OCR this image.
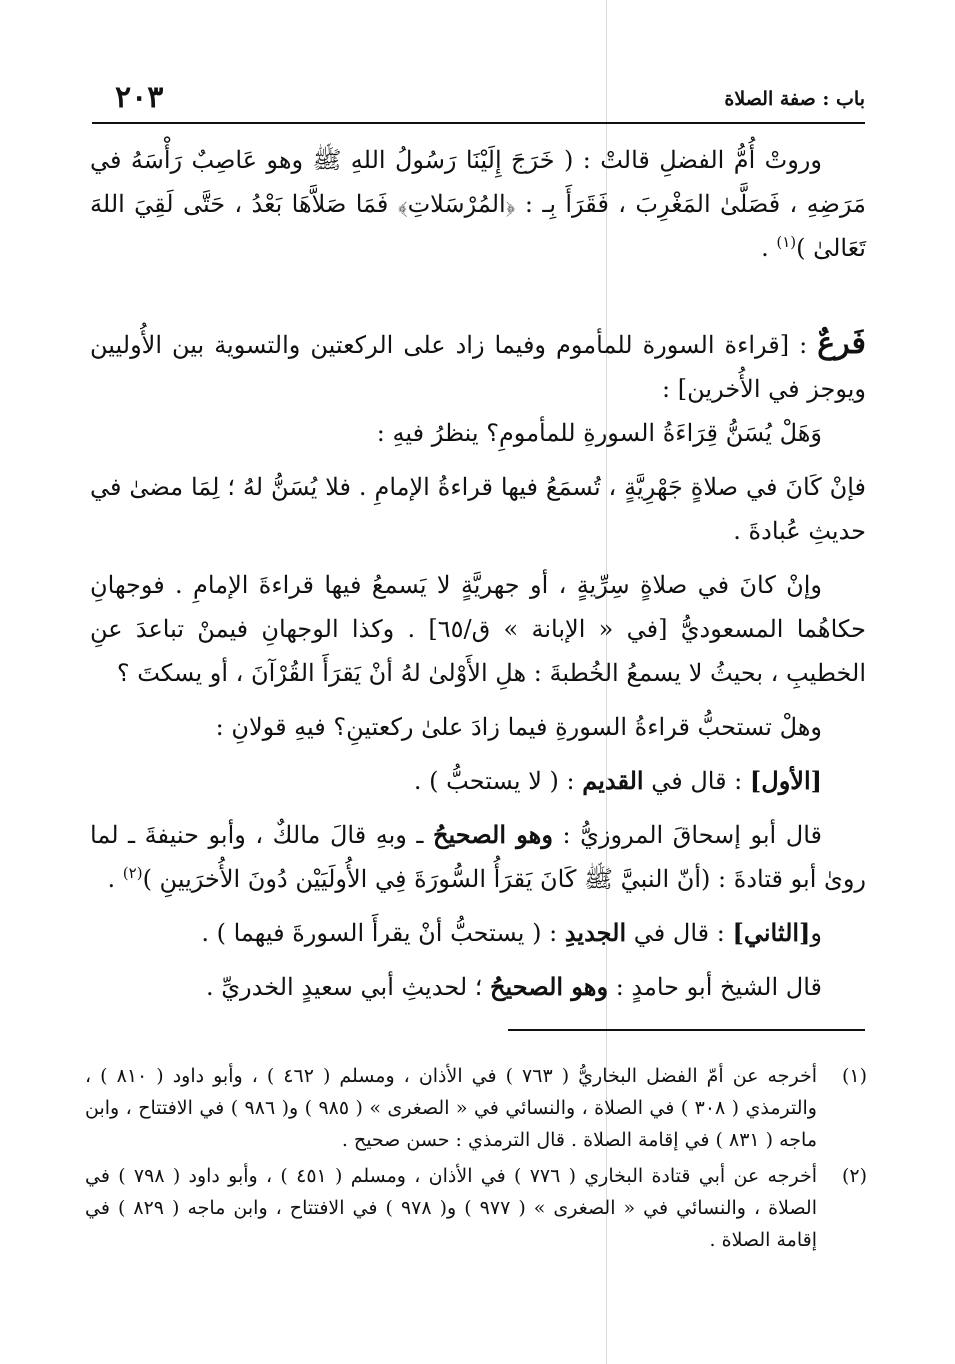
باب : صفة الصلاة
٢٠٣

وروتْ أُمُّ الفضلِ قالتْ : ( خَرَجَ إِلَيْنَا رَسُولُ اللهِ ﷺ وهو عَاصِبٌ رَأْسَهُ في مَرَضِهِ ، فَصَلَّىٰ المَغْرِبَ ، فَقَرَأَ بِـ : ﴿المُرْسَلاتِ﴾ فَمَا صَلاَّهَا بَعْدُ ، حَتَّى لَقِيَ اللهَ تَعَالىٰ )$^{(١)}$ .

فَرعٌ : [قراءة السورة للمأموم وفيما زاد على الركعتين والتسوية بين الأُوليين ويوجز في الأُخرين] :

وَهَلْ يُسَنُّ قِرَاءَةُ السورةِ للمأمومِ؟ ينظرُ فيهِ :

فإنْ كَانَ في صلاةٍ جَهْرِيَّةٍ ، تُسمَعُ فيها قراءةُ الإمامِ . فلا يُسَنُّ لهُ ؛ لِمَا مضىٰ في حديثِ عُبادةَ .

وإنْ كانَ في صلاةٍ سِرِّيةٍ ، أو جهريَّةٍ لا يَسمعُ فيها قراءةَ الإمامِ . فوجهانِ حكاهُما المسعوديُّ [في « الإبانة » ق/٦٥] . وكذا الوجهانِ فيمنْ تباعدَ عنِ الخطيبِ ، بحيثُ لا يسمعُ الخُطبةَ : هلِ الأَوْلىٰ لهُ أنْ يَقرَأَ القُرْآنَ ، أو يسكتَ ؟

وهلْ تستحبُّ قراءةُ السورةِ فيما زادَ علىٰ ركعتينِ؟ فيهِ قولانِ :

[الأول] : قال في القديم : ( لا يستحبُّ ) .

قال أبو إسحاقَ المروزيُّ : وهو الصحيحُ ـ وبهِ قالَ مالكٌ ، وأبو حنيفةَ ـ لما روىٰ أبو قتادةَ : (أنّ النبيَّ ﷺ كَانَ يَقرَأُ السُّورَةَ فِي الأُولَيَيْن دُونَ الأُخرَيينِ )$^{(٢)}$ .

و[الثاني] : قال في الجديدِ : ( يستحبُّ أنْ يقرأَ السورةَ فيهما ) .

قال الشيخ أبو حامدٍ : وهو الصحيحُ ؛ لحديثِ أبي سعيدٍ الخدريِّ .

(١)
أخرجه عن أمّ الفضل البخاريُّ ( ٧٦٣ ) في الأذان ، ومسلم ( ٤٦٢ ) ، وأبو داود ( ٨١٠ ) ، والترمذي ( ٣٠٨ ) في الصلاة ، والنسائي في « الصغرى » ( ٩٨٥ ) و( ٩٨٦ ) في الافتتاح ، وابن ماجه ( ٨٣١ ) في إقامة الصلاة . قال الترمذي : حسن صحيح .

(٢)
أخرجه عن أبي قتادة البخاري ( ٧٧٦ ) في الأذان ، ومسلم ( ٤٥١ ) ، وأبو داود ( ٧٩٨ ) في الصلاة ، والنسائي في « الصغرى » ( ٩٧٧ ) و( ٩٧٨ ) في الافتتاح ، وابن ماجه ( ٨٢٩ ) في إقامة الصلاة .
